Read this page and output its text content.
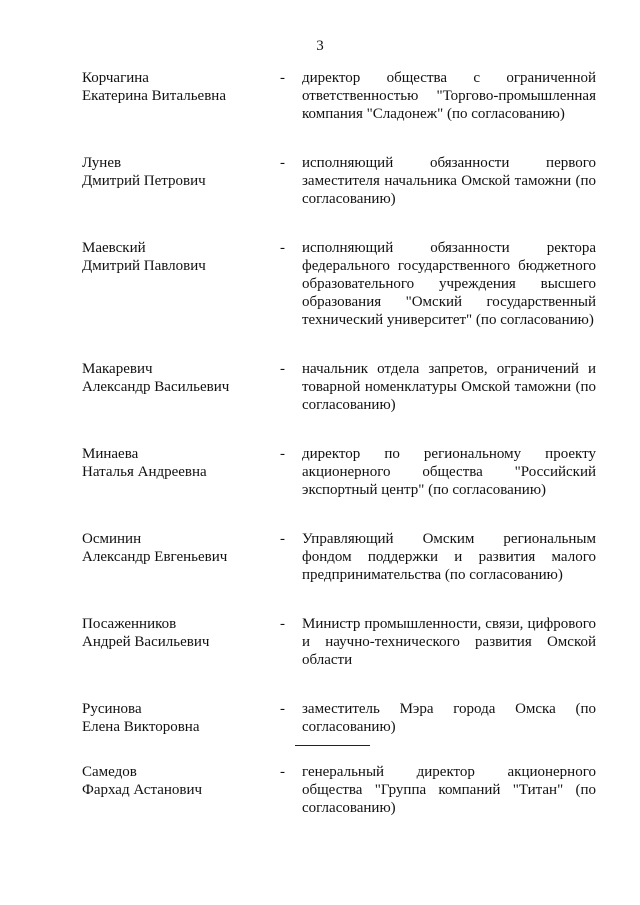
3
Корчагина
Екатерина Витальевна
-	директор общества с ограниченной
ответственностью "Торгово-промышленная
компания "Сладонеж" (по согласованию)
Лунев
Дмитрий Петрович
-	исполняющий обязанности первого
заместителя начальника Омской таможни (по
согласованию)
Маевский
Дмитрий Павлович
-	исполняющий обязанности ректора
федерального государственного бюджетного
образовательного учреждения высшего
образования "Омский государственный
технический университет" (по согласованию)
Макаревич
Александр Васильевич
-	начальник отдела запретов, ограничений и
товарной номенклатуры Омской таможни (по
согласованию)
Минаева
Наталья Андреевна
-	директор по региональному проекту
акционерного общества "Российский
экспортный центр" (по согласованию)
Осминин
Александр Евгеньевич
-	Управляющий Омским региональным
фондом поддержки и развития малого
предпринимательства (по согласованию)
Посаженников
Андрей Васильевич
-	Министр промышленности, связи, цифрового
и научно-технического развития Омской
области
Русинова
Елена Викторовна
-	заместитель Мэра города Омска (по
согласованию)
Самедов
Фархад Астанович
-	генеральный директор акционерного
общества "Группа компаний "Титан" (по
согласованию)
